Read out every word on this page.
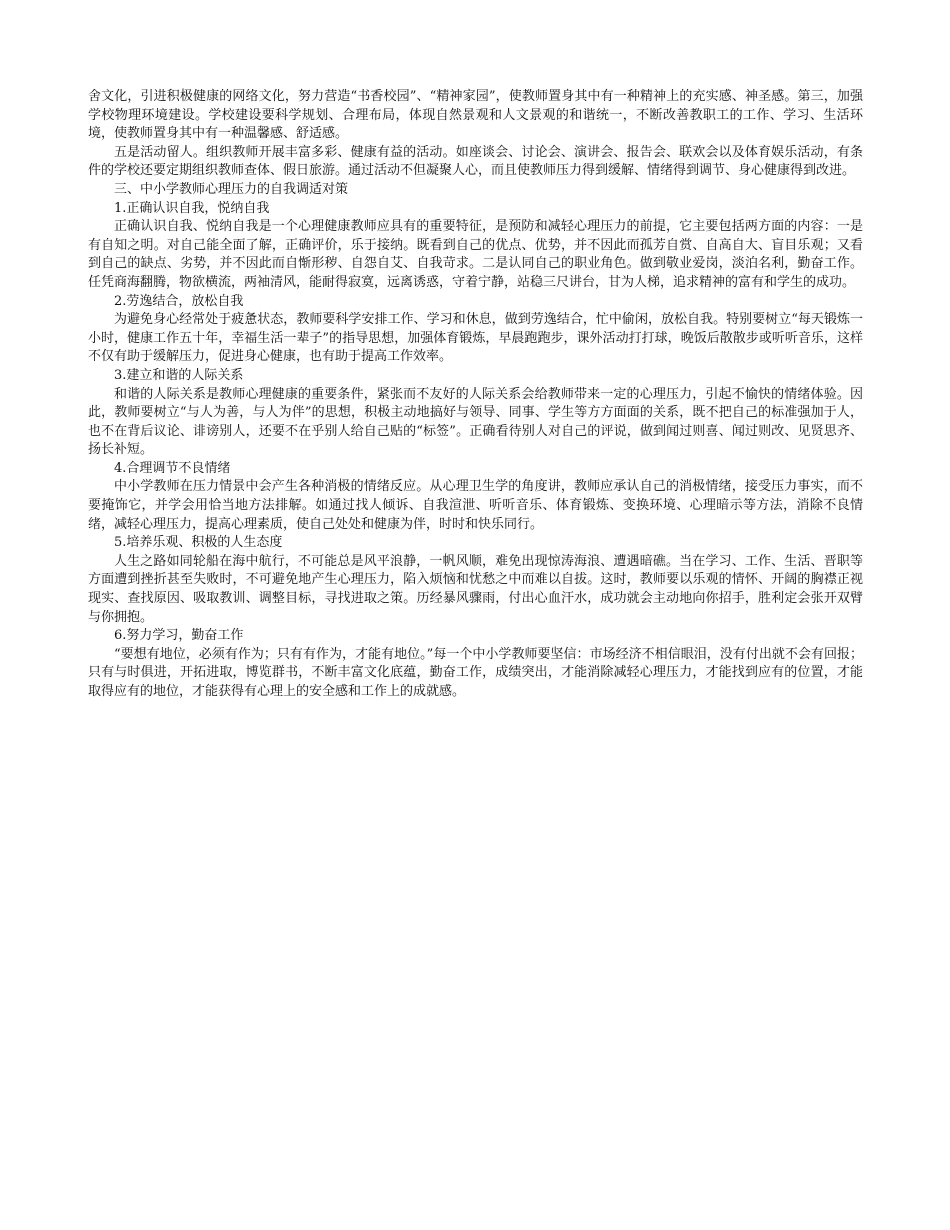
舍文化，引进积极健康的网络文化，努力营造“书香校园”、“精神家园”，使教师置身其中有一种精神上的充实感、神圣感。第三，加强学校物理环境建设。学校建设要科学规划、合理布局，体现自然景观和人文景观的和谐统一，不断改善教职工的工作、学习、生活环境，使教师置身其中有一种温馨感、舒适感。

五是活动留人。组织教师开展丰富多彩、健康有益的活动。如座谈会、讨论会、演讲会、报告会、联欢会以及体育娱乐活动，有条件的学校还要定期组织教师查体、假日旅游。通过活动不但凝聚人心，而且使教师压力得到缓解、情绪得到调节、身心健康得到改进。

三、中小学教师心理压力的自我调适对策

1.正确认识自我，悦纳自我

正确认识自我、悦纳自我是一个心理健康教师应具有的重要特征，是预防和减轻心理压力的前提，它主要包括两方面的内容：一是有自知之明。对自己能全面了解，正确评价，乐于接纳。既看到自己的优点、优势，并不因此而孤芳自赏、自高自大、盲目乐观；又看到自己的缺点、劣势，并不因此而自惭形秽、自怨自艾、自我苛求。二是认同自己的职业角色。做到敬业爱岗，淡泊名利，勤奋工作。任凭商海翻腾，物欲横流，两袖清风，能耐得寂寞，远离诱惑，守着宁静，站稳三尺讲台，甘为人梯，追求精神的富有和学生的成功。

2.劳逸结合，放松自我

为避免身心经常处于疲惫状态，教师要科学安排工作、学习和休息，做到劳逸结合，忙中偷闲，放松自我。特别要树立“每天锻炼一小时，健康工作五十年，幸福生活一辈子”的指导思想，加强体育锻炼，早晨跑跑步，课外活动打打球，晚饭后散散步或听听音乐，这样不仅有助于缓解压力，促进身心健康，也有助于提高工作效率。

3.建立和谐的人际关系

和谐的人际关系是教师心理健康的重要条件，紧张而不友好的人际关系会给教师带来一定的心理压力，引起不愉快的情绪体验。因此，教师要树立“与人为善，与人为伴”的思想，积极主动地搞好与领导、同事、学生等方方面面的关系，既不把自己的标准强加于人，也不在背后议论、诽谤别人，还要不在乎别人给自己贴的“标签”。正确看待别人对自己的评说，做到闻过则喜、闻过则改、见贤思齐、扬长补短。

4.合理调节不良情绪

中小学教师在压力情景中会产生各种消极的情绪反应。从心理卫生学的角度讲，教师应承认自己的消极情绪，接受压力事实，而不要掩饰它，并学会用恰当地方法排解。如通过找人倾诉、自我渲泄、听听音乐、体育锻炼、变换环境、心理暗示等方法，消除不良情绪，减轻心理压力，提高心理素质，使自己处处和健康为伴，时时和快乐同行。

5.培养乐观、积极的人生态度

人生之路如同轮船在海中航行，不可能总是风平浪静，一帆风顺，难免出现惊涛海浪、遭遇暗礁。当在学习、工作、生活、晋职等方面遭到挫折甚至失败时，不可避免地产生心理压力，陷入烦恼和忧愁之中而难以自拔。这时，教师要以乐观的情怀、开阔的胸襟正视现实、查找原因、吸取教训、调整目标，寻找进取之策。历经暴风骤雨，付出心血汗水，成功就会主动地向你招手，胜利定会张开双臂与你拥抱。

6.努力学习，勤奋工作

“要想有地位，必须有作为；只有有作为，才能有地位。”每一个中小学教师要坚信：市场经济不相信眼泪，没有付出就不会有回报；只有与时俱进，开拓进取，博览群书，不断丰富文化底蕴，勤奋工作，成绩突出，才能消除减轻心理压力，才能找到应有的位置，才能取得应有的地位，才能获得有心理上的安全感和工作上的成就感。
